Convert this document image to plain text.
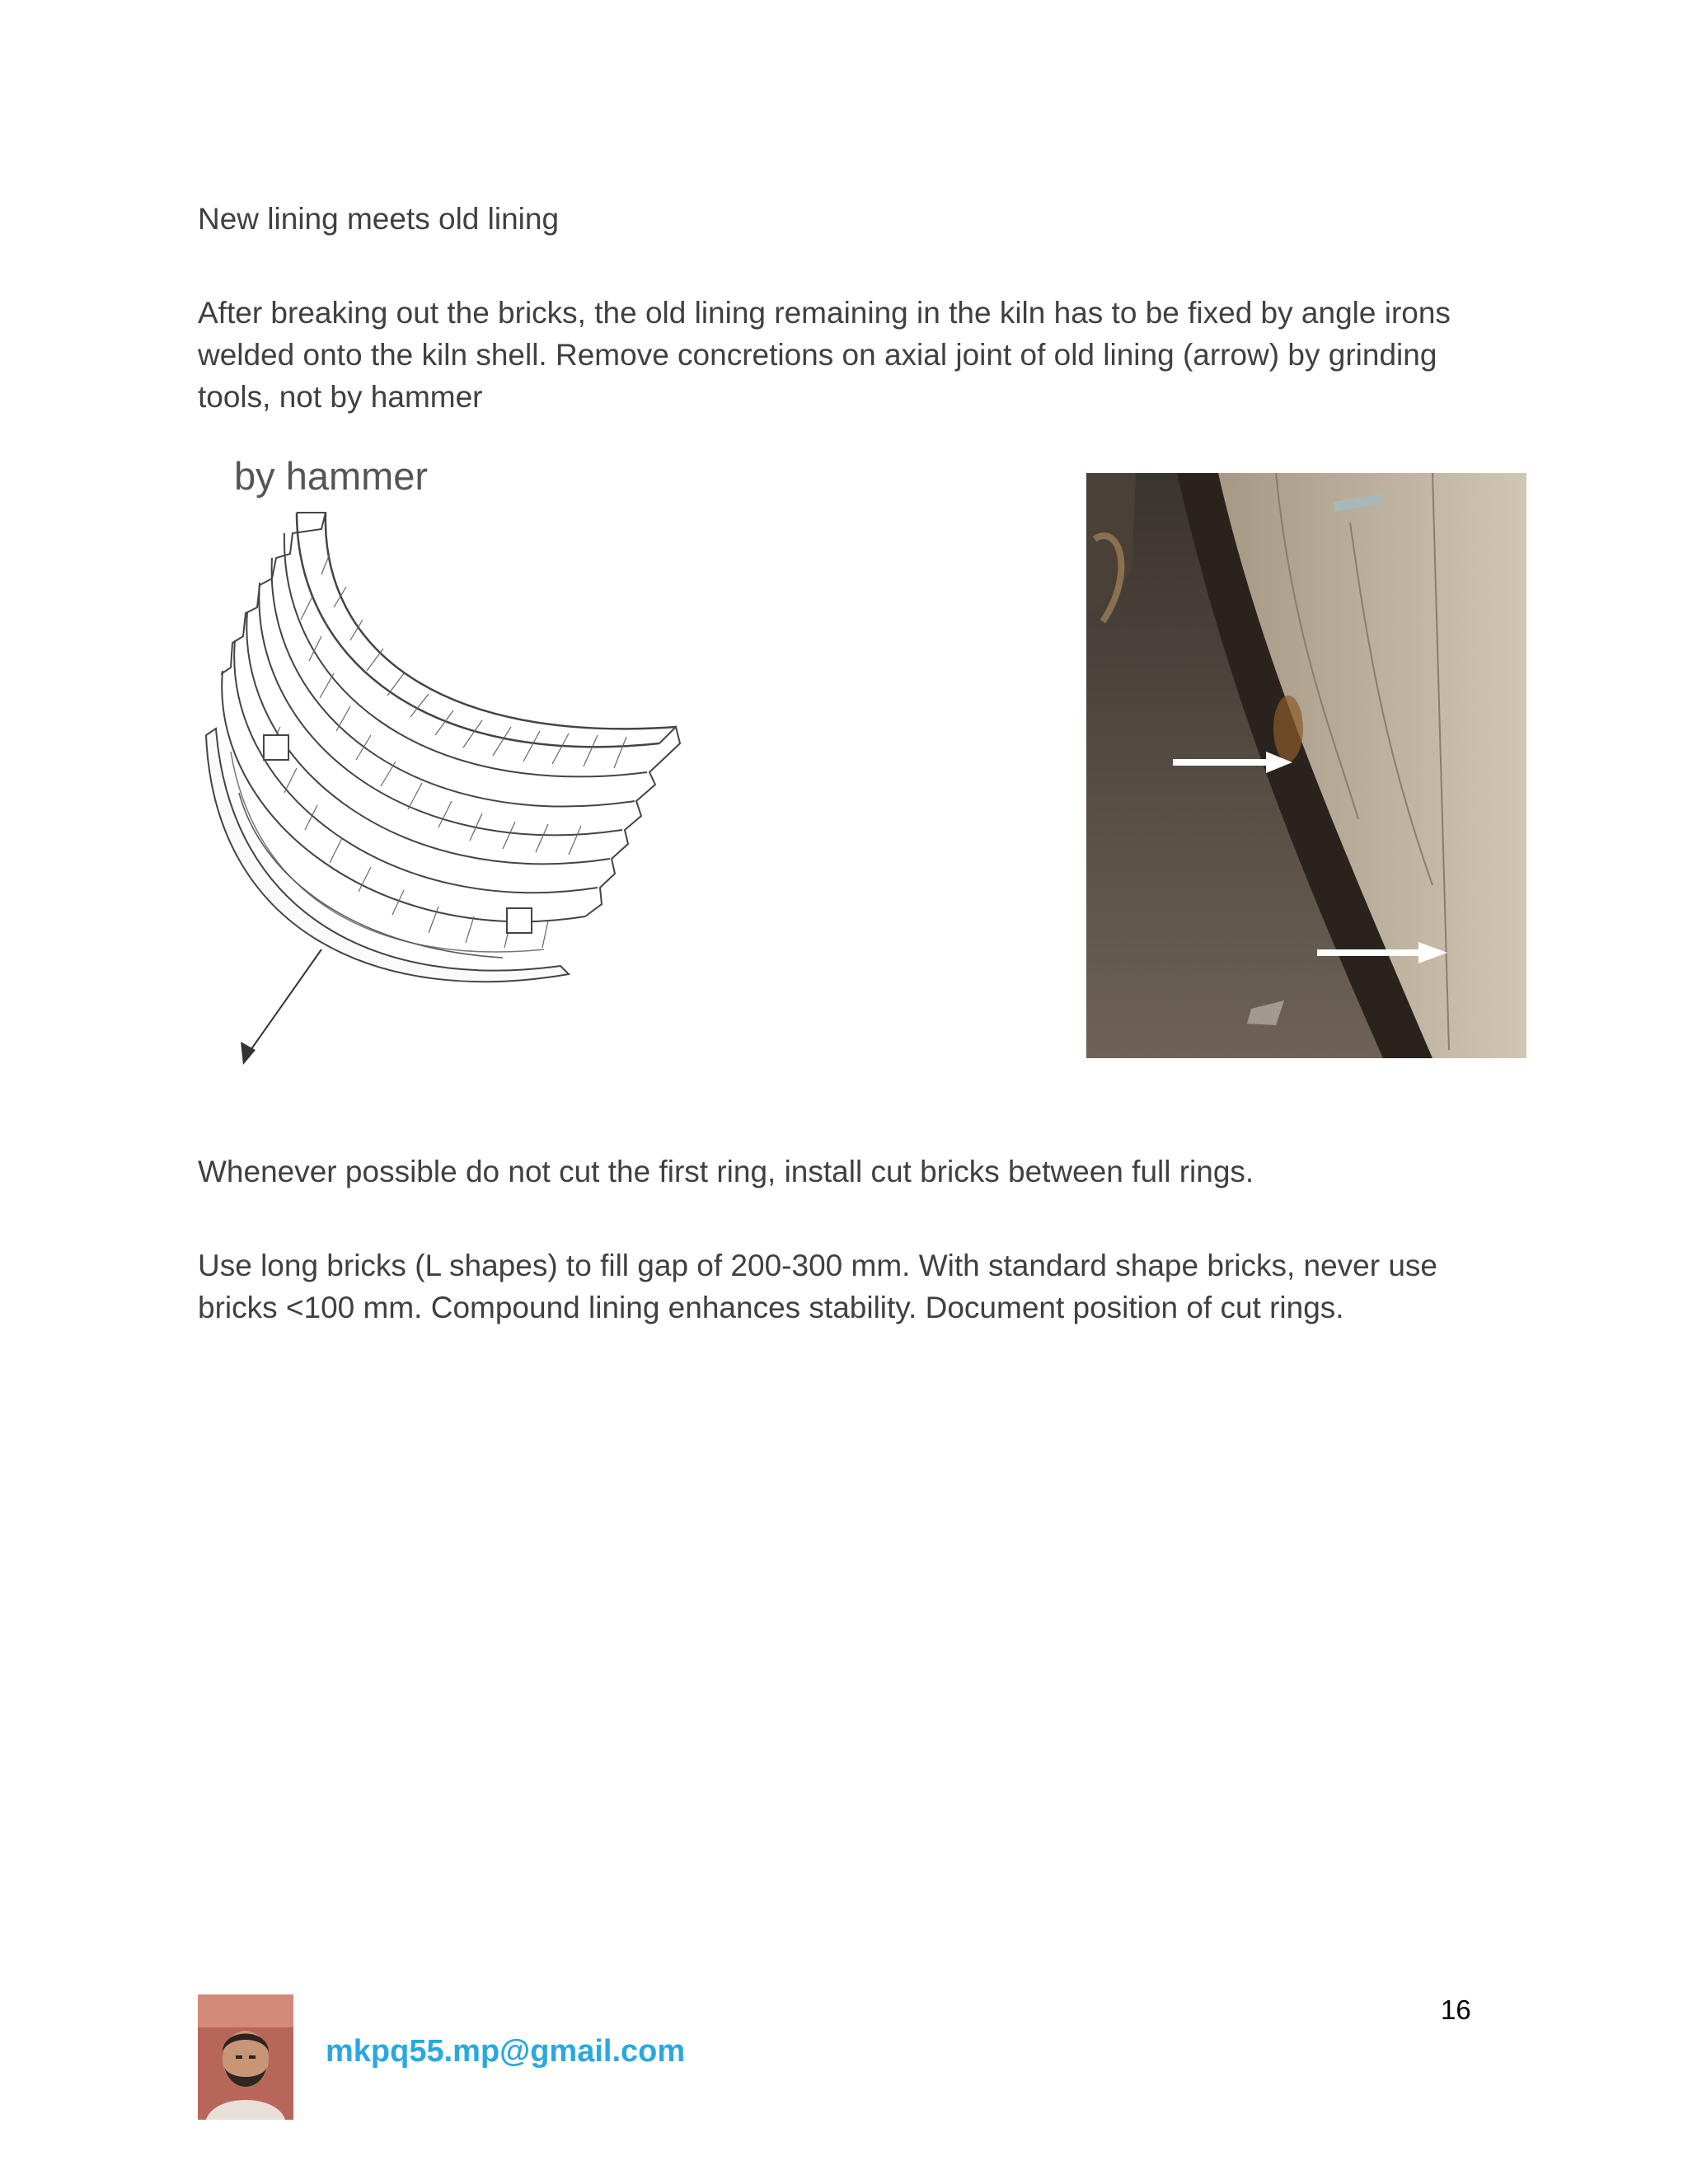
New lining meets old lining
After breaking out the bricks, the old lining remaining in the kiln has to be fixed by angle irons welded onto the kiln shell. Remove concretions on axial joint of old lining (arrow) by grinding tools, not by hammer
by hammer
Whenever possible do not cut the first ring, install cut bricks between full rings.
Use long bricks (L shapes) to fill gap of 200-300 mm. With standard shape bricks, never use bricks <100 mm. Compound lining enhances stability. Document position of cut rings.
16
mkpq55.mp@gmail.com
